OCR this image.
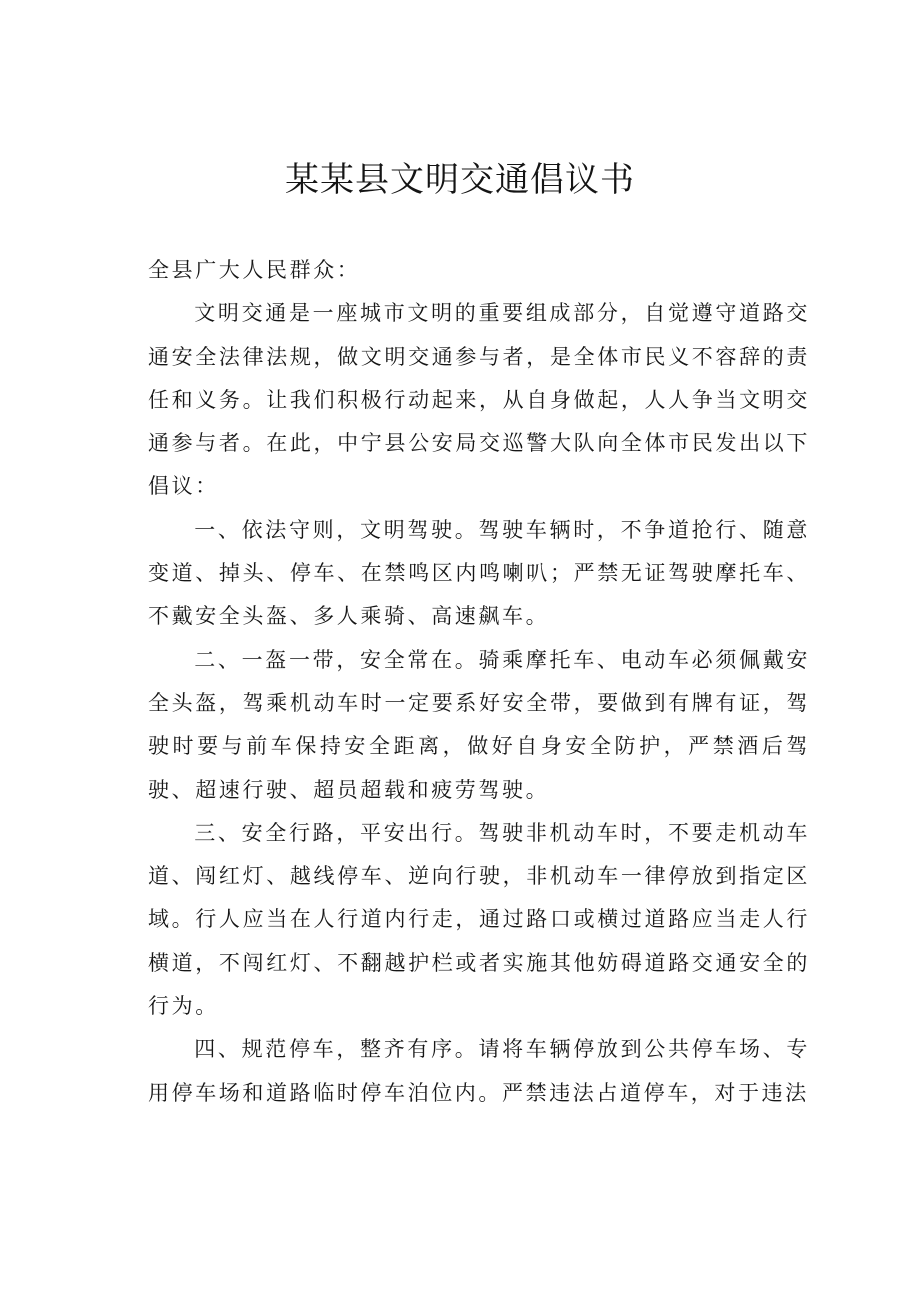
某某县文明交通倡议书

全县广大人民群众：

文明交通是一座城市文明的重要组成部分，自觉遵守道路交通安全法律法规，做文明交通参与者，是全体市民义不容辞的责任和义务。让我们积极行动起来，从自身做起，人人争当文明交通参与者。在此，中宁县公安局交巡警大队向全体市民发出以下倡议：

一、依法守则，文明驾驶。驾驶车辆时，不争道抢行、随意变道、掉头、停车、在禁鸣区内鸣喇叭；严禁无证驾驶摩托车、不戴安全头盔、多人乘骑、高速飙车。

二、一盔一带，安全常在。骑乘摩托车、电动车必须佩戴安全头盔，驾乘机动车时一定要系好安全带，要做到有牌有证，驾驶时要与前车保持安全距离，做好自身安全防护，严禁酒后驾驶、超速行驶、超员超载和疲劳驾驶。

三、安全行路，平安出行。驾驶非机动车时，不要走机动车道、闯红灯、越线停车、逆向行驶，非机动车一律停放到指定区域。行人应当在人行道内行走，通过路口或横过道路应当走人行横道，不闯红灯、不翻越护栏或者实施其他妨碍道路交通安全的行为。

四、规范停车，整齐有序。请将车辆停放到公共停车场、专用停车场和道路临时停车泊位内。严禁违法占道停车，对于违法
